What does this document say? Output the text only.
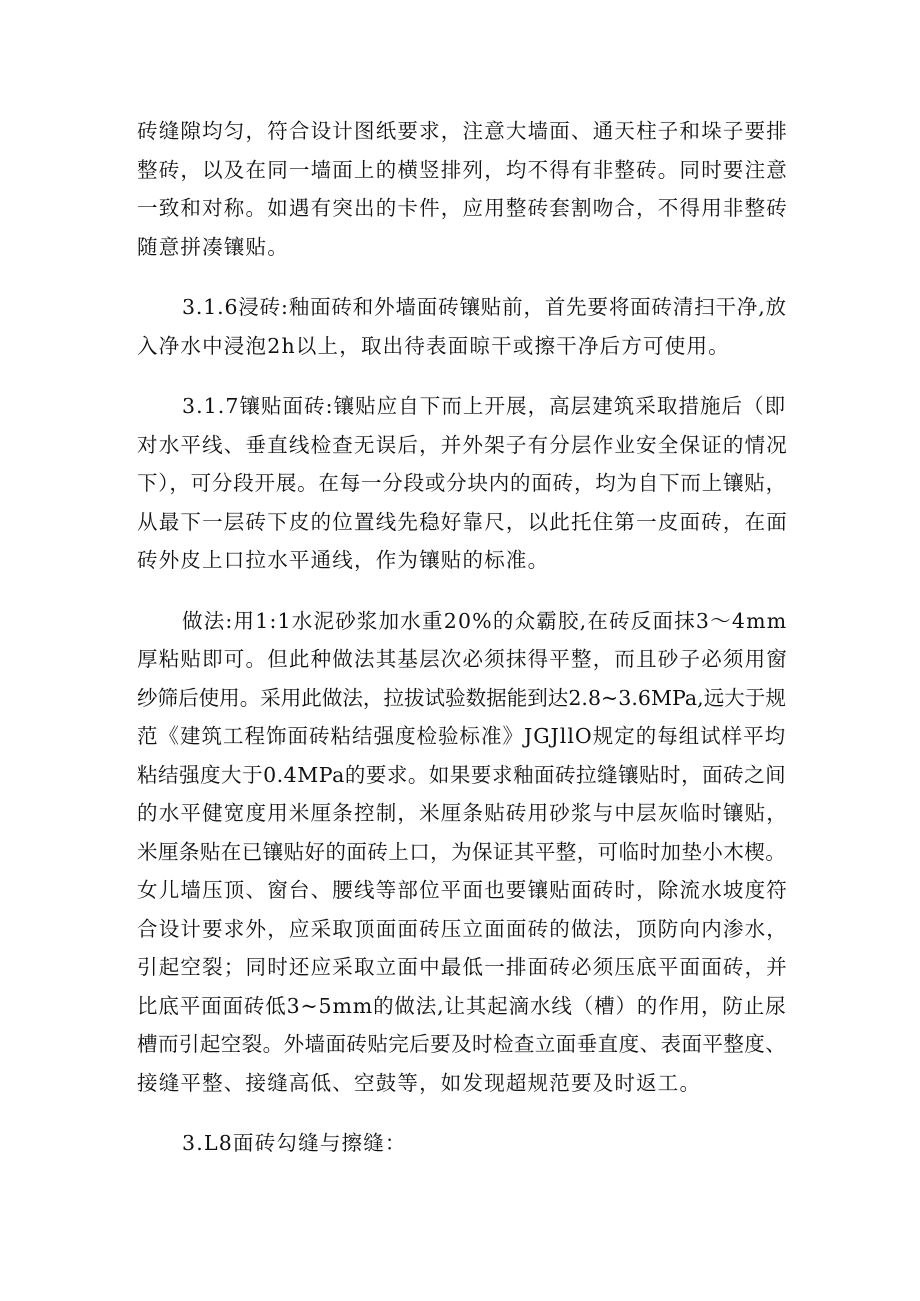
砖缝隙均匀，符合设计图纸要求，注意大墙面、通天柱子和垛子要排
整砖，以及在同一墙面上的横竖排列，均不得有非整砖。同时要注意
一致和对称。如遇有突出的卡件，应用整砖套割吻合，不得用非整砖
随意拼凑镶贴。

3.1.6浸砖:釉面砖和外墙面砖镶贴前，首先要将面砖清扫干净,放
入净水中浸泡2h以上，取出待表面晾干或擦干净后方可使用。

3.1.7镶贴面砖:镶贴应自下而上开展，高层建筑采取措施后（即
对水平线、垂直线检查无误后，并外架子有分层作业安全保证的情况
下），可分段开展。在每一分段或分块内的面砖，均为自下而上镶贴，
从最下一层砖下皮的位置线先稳好靠尺，以此托住第一皮面砖，在面
砖外皮上口拉水平通线，作为镶贴的标准。

做法:用1:1水泥砂浆加水重20%的众霸胶,在砖反面抹3～4mm
厚粘贴即可。但此种做法其基层次必须抹得平整，而且砂子必须用窗
纱筛后使用。采用此做法，拉拔试验数据能到达2.8~3.6MPa,远大于规
范《建筑工程饰面砖粘结强度检验标准》JGJllO规定的每组试样平均
粘结强度大于0.4MPa的要求。如果要求釉面砖拉缝镶贴时，面砖之间
的水平健宽度用米厘条控制，米厘条贴砖用砂浆与中层灰临时镶贴，
米厘条贴在已镶贴好的面砖上口，为保证其平整，可临时加垫小木楔。
女儿墙压顶、窗台、腰线等部位平面也要镶贴面砖时，除流水坡度符
合设计要求外，应采取顶面面砖压立面面砖的做法，顶防向内渗水，
引起空裂；同时还应采取立面中最低一排面砖必须压底平面面砖，并
比底平面面砖低3~5mm的做法,让其起滴水线（槽）的作用，防止尿
槽而引起空裂。外墙面砖贴完后要及时检查立面垂直度、表面平整度、
接缝平整、接缝高低、空鼓等，如发现超规范要及时返工。

3.L8面砖勾缝与擦缝：
